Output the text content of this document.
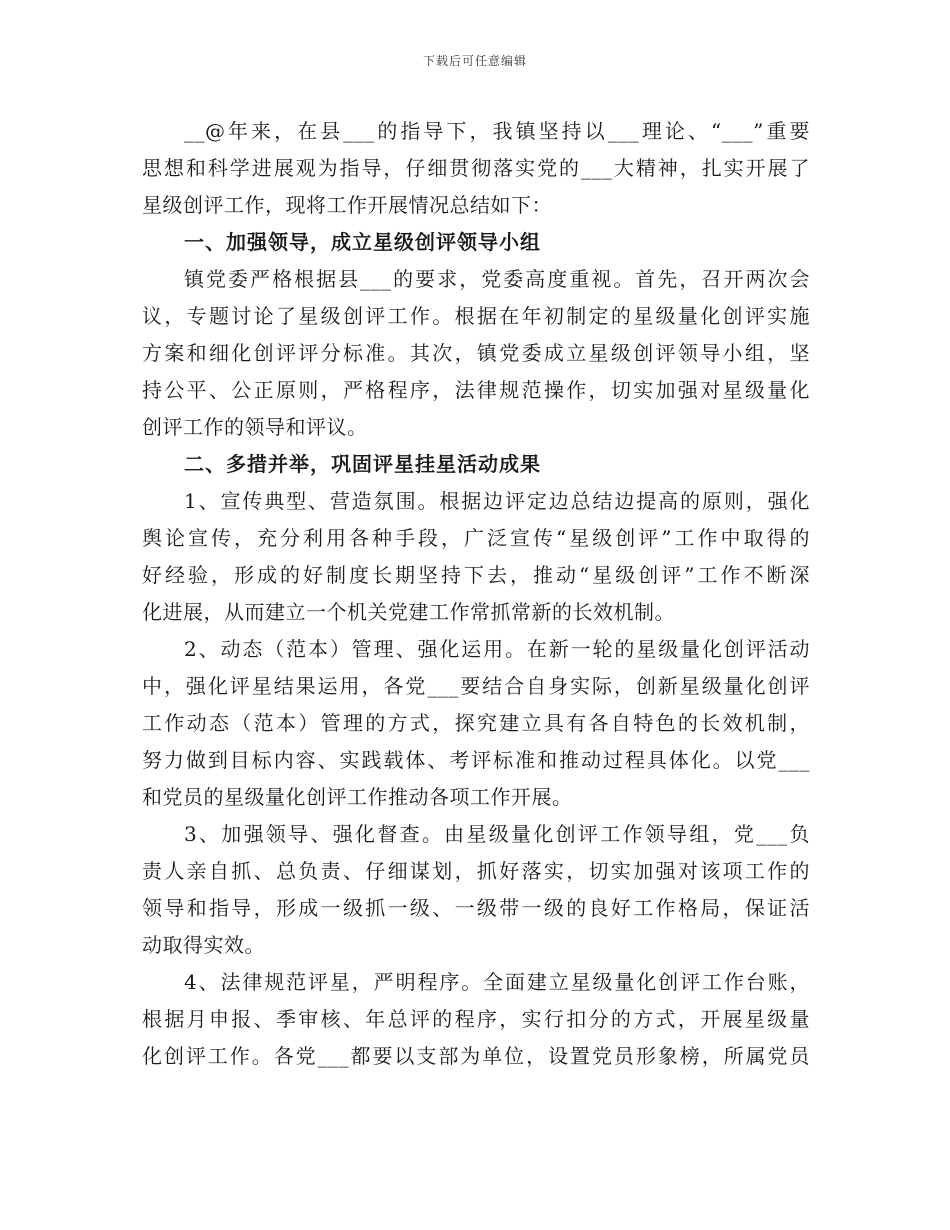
下载后可任意编辑
__@年来，在县___的指导下，我镇坚持以___理论、“___”重要
思想和科学进展观为指导，仔细贯彻落实党的___大精神，扎实开展了
星级创评工作，现将工作开展情况总结如下：
一、加强领导，成立星级创评领导小组
镇党委严格根据县___的要求，党委高度重视。首先，召开两次会
议，专题讨论了星级创评工作。根据在年初制定的星级量化创评实施
方案和细化创评评分标准。其次，镇党委成立星级创评领导小组，坚
持公平、公正原则，严格程序，法律规范操作，切实加强对星级量化
创评工作的领导和评议。
二、多措并举，巩固评星挂星活动成果
1、宣传典型、营造氛围。根据边评定边总结边提高的原则，强化
舆论宣传，充分利用各种手段，广泛宣传“星级创评”工作中取得的
好经验，形成的好制度长期坚持下去，推动“星级创评”工作不断深
化进展，从而建立一个机关党建工作常抓常新的长效机制。
2、动态（范本）管理、强化运用。在新一轮的星级量化创评活动
中，强化评星结果运用，各党___要结合自身实际，创新星级量化创评
工作动态（范本）管理的方式，探究建立具有各自特色的长效机制，
努力做到目标内容、实践载体、考评标准和推动过程具体化。以党___
和党员的星级量化创评工作推动各项工作开展。
3、加强领导、强化督查。由星级量化创评工作领导组，党___负
责人亲自抓、总负责、仔细谋划，抓好落实，切实加强对该项工作的
领导和指导，形成一级抓一级、一级带一级的良好工作格局，保证活
动取得实效。
4、法律规范评星，严明程序。全面建立星级量化创评工作台账，
根据月申报、季审核、年总评的程序，实行扣分的方式，开展星级量
化创评工作。各党___都要以支部为单位，设置党员形象榜，所属党员
